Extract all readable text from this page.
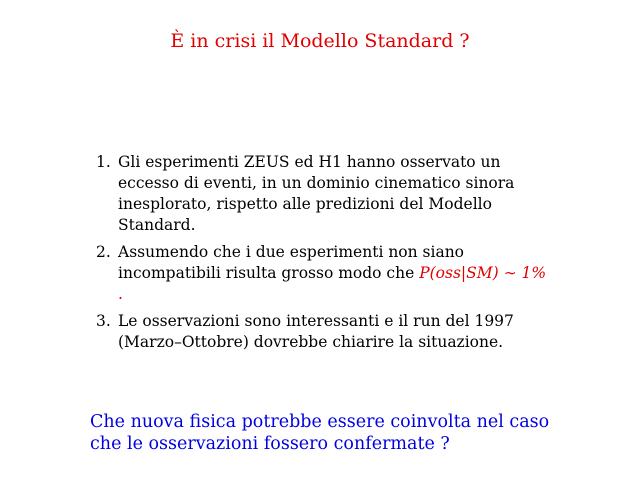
È in crisi il Modello Standard ?
1. Gli esperimenti ZEUS ed H1 hanno osservato un eccesso di eventi, in un dominio cinematico sinora inesplorato, rispetto alle predizioni del Modello Standard.
2. Assumendo che i due esperimenti non siano incompatibili risulta grosso modo che P(oss|SM) ∼ 1% .
3. Le osservazioni sono interessanti e il run del 1997 (Marzo–Ottobre) dovrebbe chiarire la situazione.

Che nuova fisica potrebbe essere coinvolta nel caso che le osservazioni fossero confermate ?
